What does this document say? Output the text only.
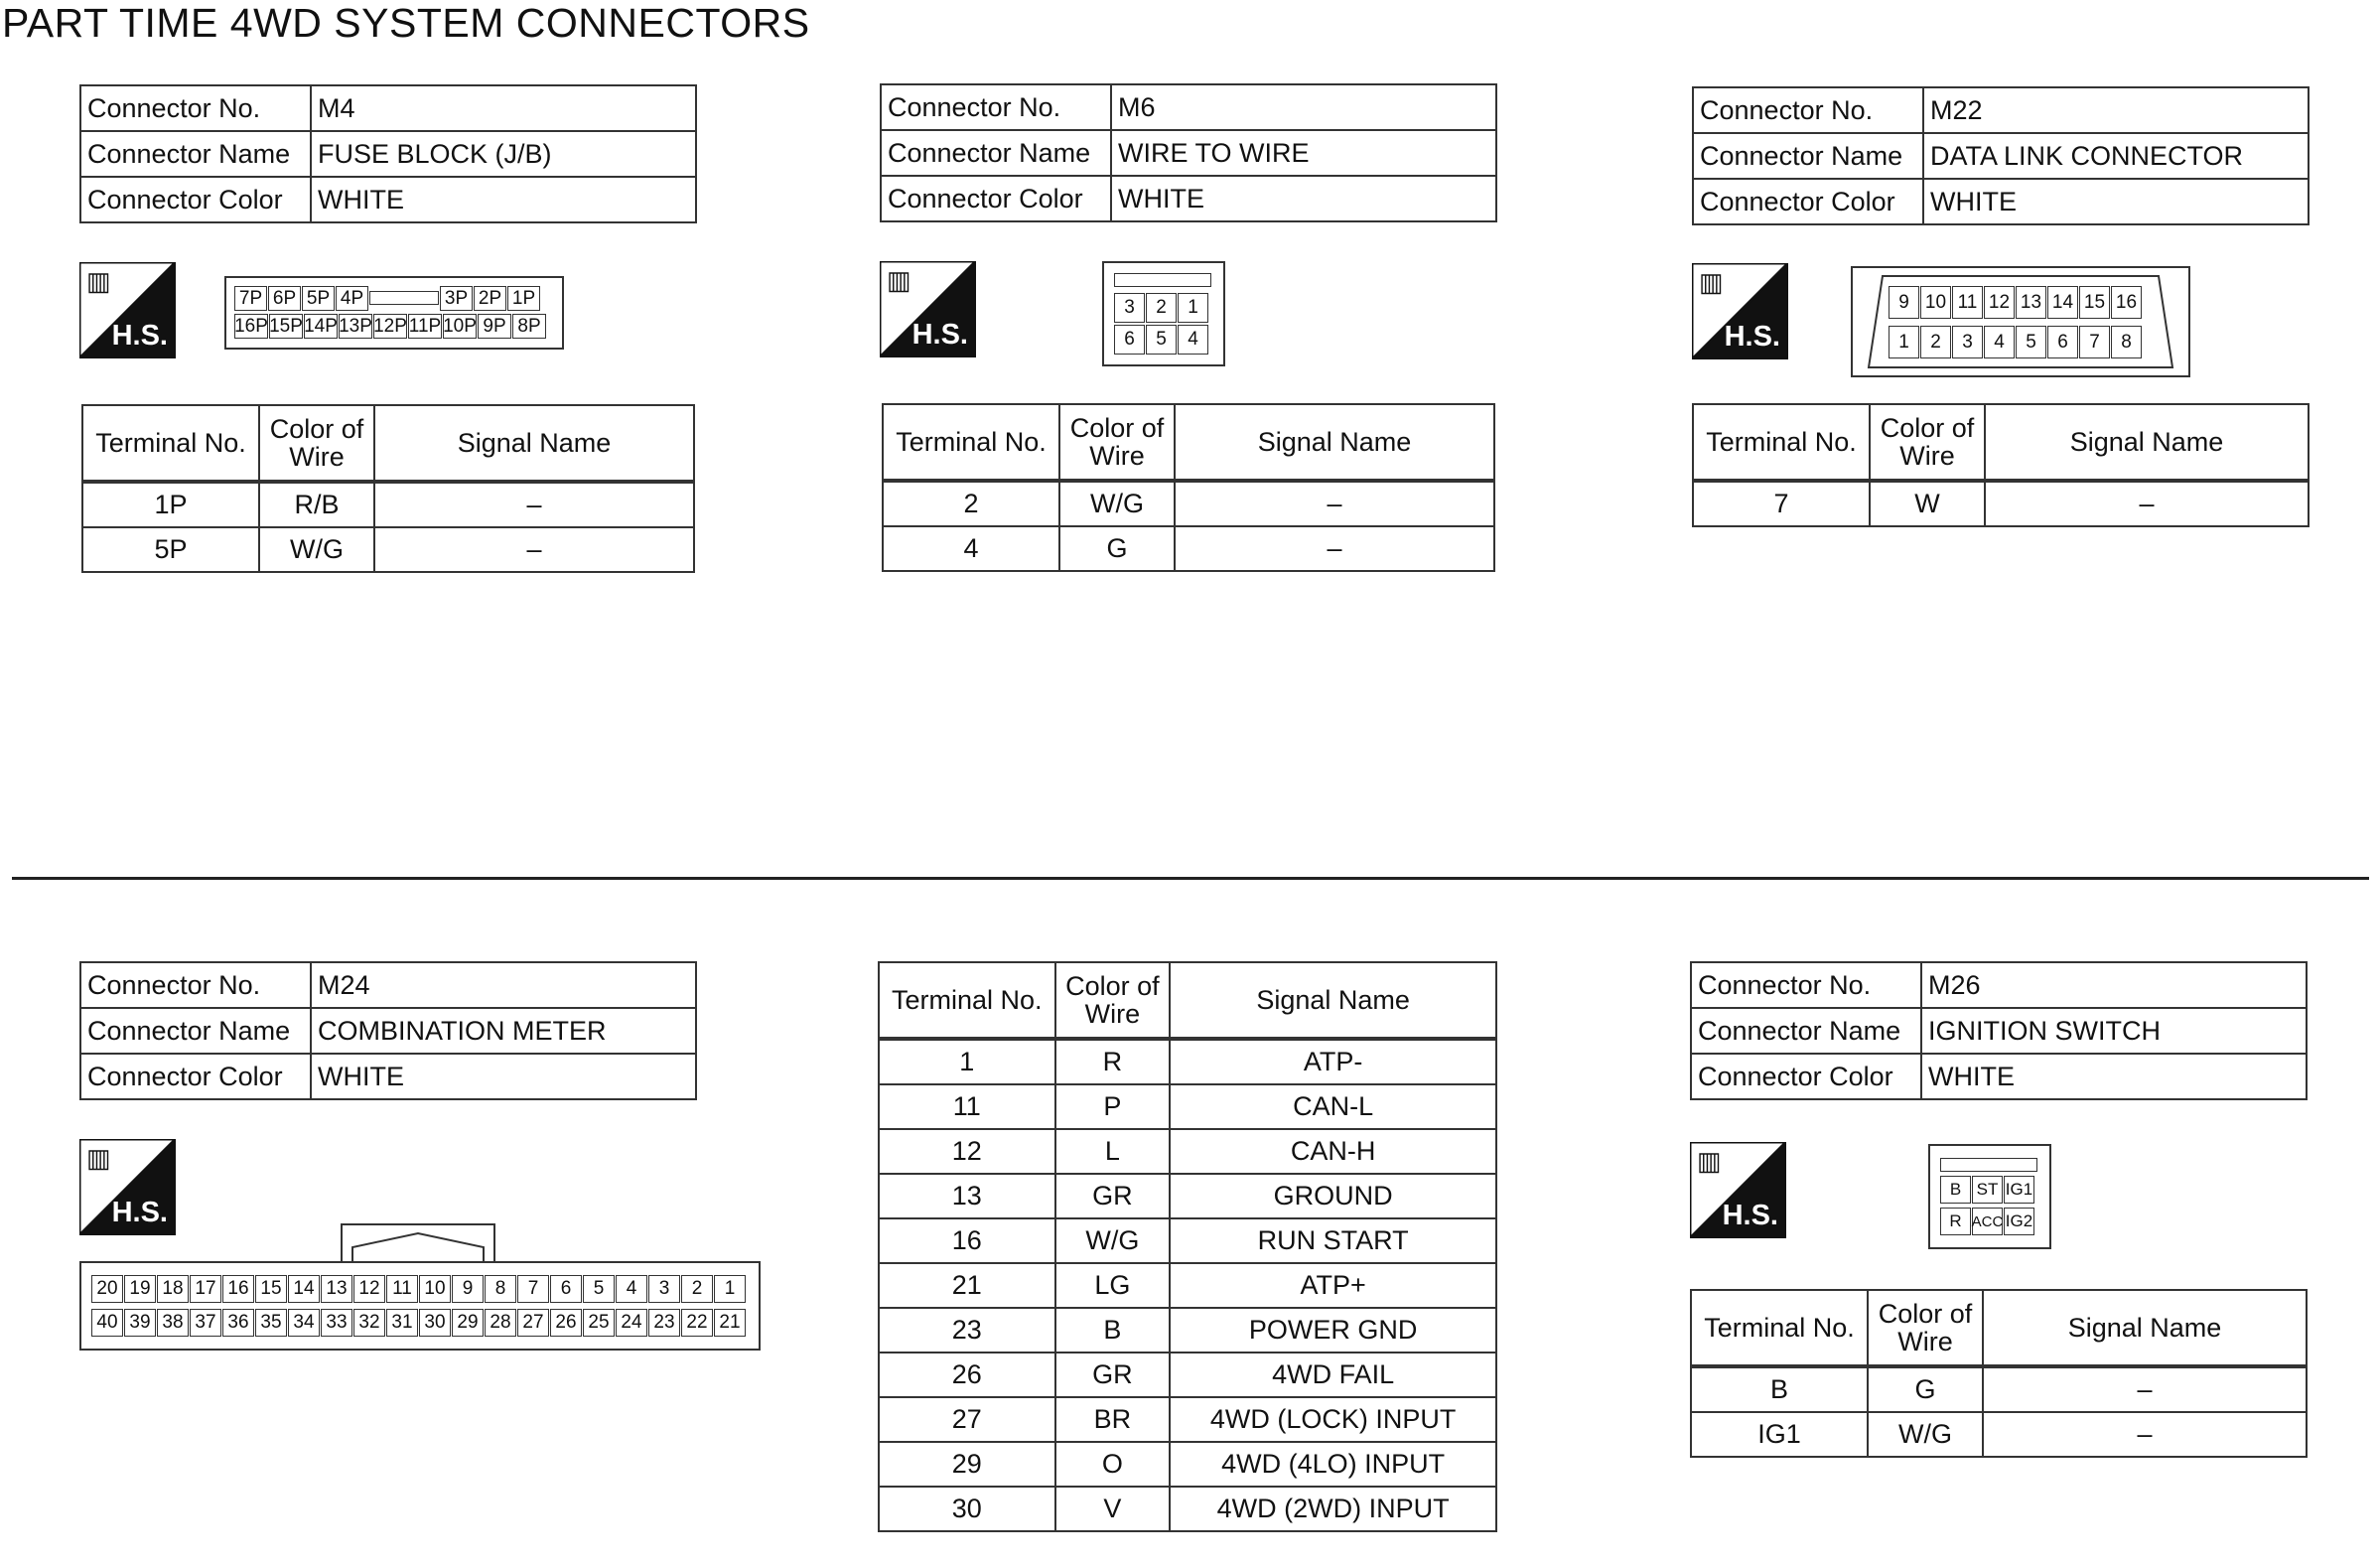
PART TIME 4WD SYSTEM CONNECTORS
Connector No.	M4
Connector Name	FUSE BLOCK (J/B)
Connector Color	WHITE
▥
H.S.
7P 6P 5P 4P	3P 2P 1P
16P 15P 14P 13P 12P 11P 10P 9P 8P
Terminal No.	Color of Wire	Signal Name
1P	R/B	–
5P	W/G	–
Connector No.	M6
Connector Name	WIRE TO WIRE
Connector Color	WHITE
▥
H.S.
3	2	1
6	5	4
Terminal No.	Color of Wire	Signal Name
2	W/G	–
4	G	–
Connector No.	M22
Connector Name	DATA LINK CONNECTOR
Connector Color	WHITE
▥
H.S.
9 10 11 12 13 14 15 16
1	2	3	4	5	6	7	8
Terminal No.	Color of Wire	Signal Name
7	W	–
Connector No.	M24
Connector Name	COMBINATION METER
Connector Color	WHITE
▥
H.S.
20 19 18 17 16 15 14 13 12 11 10 9	8	7	6	5	4	3	2	1
40 39 38 37 36 35 34 33 32 31 30 29 28 27 26 25 24 23 22 21
Terminal No.	Color of Wire	Signal Name
1	R	ATP-
11	P	CAN-L
12	L	CAN-H
13	GR	GROUND
16	W/G	RUN START
21	LG	ATP+
23	B	POWER GND
26	GR	4WD FAIL
27	BR	4WD (LOCK) INPUT
29	O	4WD (4LO) INPUT
30	V	4WD (2WD) INPUT
Connector No.	M26
Connector Name	IGNITION SWITCH
Connector Color	WHITE
▥
H.S.
B ST IG1
R ACC IG2
Terminal No.	Color of Wire	Signal Name
B	G	–
IG1	W/G	–
